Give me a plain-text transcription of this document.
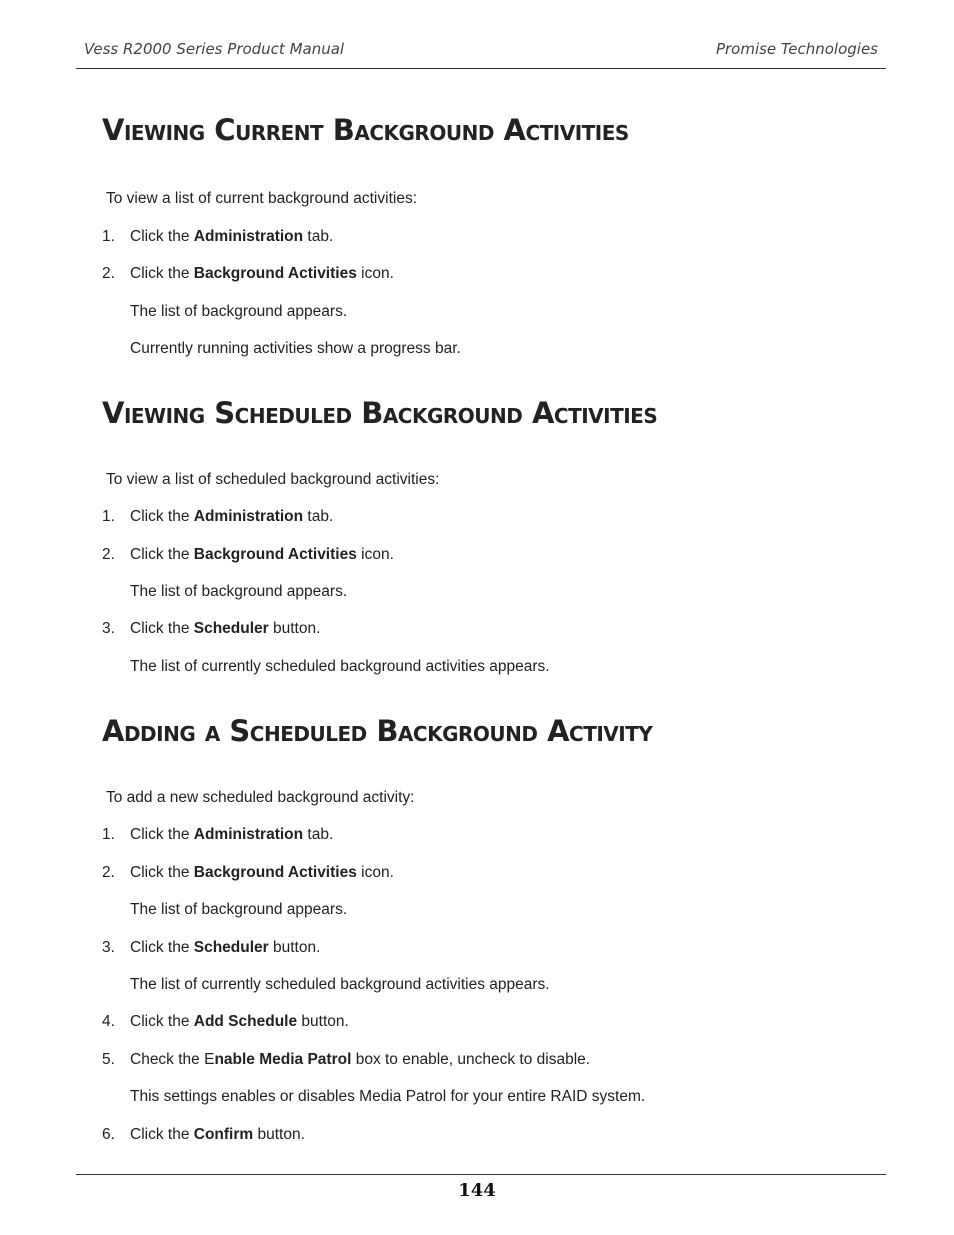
Vess R2000 Series Product Manual	Promise Technologies
Viewing Current Background Activities
To view a list of current background activities:
1. Click the Administration tab.
2. Click the Background Activities icon.
The list of background appears.
Currently running activities show a progress bar.
Viewing Scheduled Background Activities
To view a list of scheduled background activities:
1. Click the Administration tab.
2. Click the Background Activities icon.
The list of background appears.
3. Click the Scheduler button.
The list of currently scheduled background activities appears.
Adding a Scheduled Background Activity
To add a new scheduled background activity:
1. Click the Administration tab.
2. Click the Background Activities icon.
The list of background appears.
3. Click the Scheduler button.
The list of currently scheduled background activities appears.
4. Click the Add Schedule button.
5. Check the Enable Media Patrol box to enable, uncheck to disable.
This settings enables or disables Media Patrol for your entire RAID system.
6. Click the Confirm button.
144
